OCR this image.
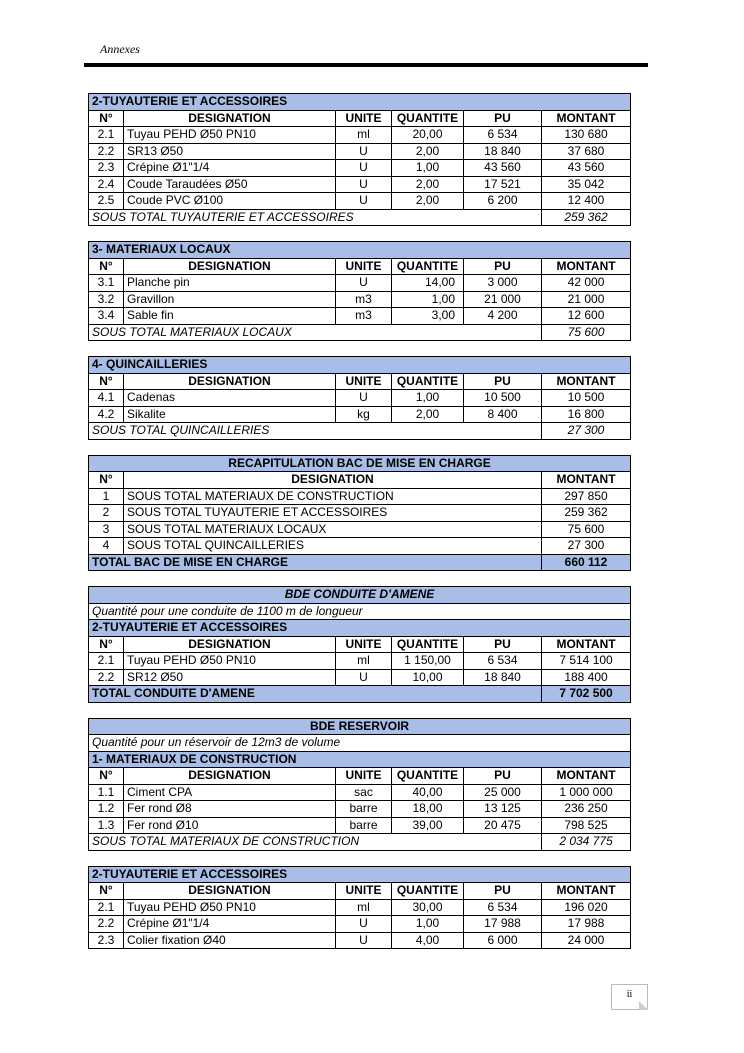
Annexes
2-TUYAUTERIE ET ACCESSOIRES					
N°	DESIGNATION	UNITE	QUANTITE	PU	MONTANT
2.1	Tuyau PEHD Ø50 PN10	ml	20,00	6 534	130 680
2.2	SR13 Ø50	U	2,00	18 840	37 680
2.3	Crépine Ø1"1/4	U	1,00	43 560	43 560
2.4	Coude Taraudées Ø50	U	2,00	17 521	35 042
2.5	Coude PVC Ø100	U	2,00	6 200	12 400
SOUS TOTAL TUYAUTERIE ET ACCESSOIRES					259 362
3- MATERIAUX LOCAUX					
N°	DESIGNATION	UNITE	QUANTITE	PU	MONTANT
3.1	Planche pin	U	14,00	3 000	42 000
3.2	Gravillon	m3	1,00	21 000	21 000
3.4	Sable fin	m3	3,00	4 200	12 600
SOUS TOTAL MATERIAUX LOCAUX					75 600
4- QUINCAILLERIES					
N°	DESIGNATION	UNITE	QUANTITE	PU	MONTANT
4.1	Cadenas	U	1,00	10 500	10 500
4.2	Sikalite	kg	2,00	8 400	16 800
SOUS TOTAL QUINCAILLERIES					27 300
RECAPITULATION BAC DE MISE EN CHARGE		
N°	DESIGNATION	MONTANT
1	SOUS TOTAL MATERIAUX DE CONSTRUCTION	297 850
2	SOUS TOTAL TUYAUTERIE ET ACCESSOIRES	259 362
3	SOUS TOTAL MATERIAUX LOCAUX	75 600
4	SOUS TOTAL QUINCAILLERIES	27 300
TOTAL BAC DE MISE EN CHARGE		660 112
BDE CONDUITE D'AMENE					
Quantité pour une conduite de 1100 m de longueur					
2-TUYAUTERIE ET ACCESSOIRES					
N°	DESIGNATION	UNITE	QUANTITE	PU	MONTANT
2.1	Tuyau PEHD Ø50 PN10	ml	1 150,00	6 534	7 514 100
2.2	SR12 Ø50	U	10,00	18 840	188 400
TOTAL CONDUITE D'AMENE					7 702 500
BDE RESERVOIR					
Quantité pour un réservoir de 12m3 de volume					
1- MATERIAUX DE CONSTRUCTION					
N°	DESIGNATION	UNITE	QUANTITE	PU	MONTANT
1.1	Ciment CPA	sac	40,00	25 000	1 000 000
1.2	Fer rond Ø8	barre	18,00	13 125	236 250
1.3	Fer rond Ø10	barre	39,00	20 475	798 525
SOUS TOTAL MATERIAUX DE CONSTRUCTION					2 034 775
2-TUYAUTERIE ET ACCESSOIRES					
N°	DESIGNATION	UNITE	QUANTITE	PU	MONTANT
2.1	Tuyau PEHD Ø50 PN10	ml	30,00	6 534	196 020
2.2	Crépine Ø1"1/4	U	1,00	17 988	17 988
2.3	Colier fixation Ø40	U	4,00	6 000	24 000
ii
